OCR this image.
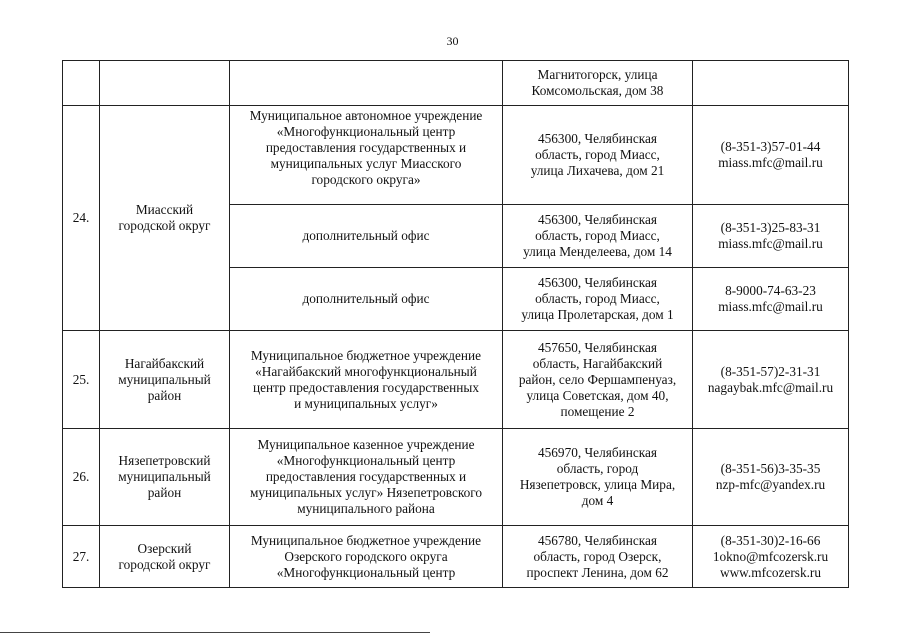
30

			Магнитогорск, улица
Комсомольская, дом 38	

24.	Миасский
городской округ	Муниципальное автономное учреждение
«Многофункциональный центр
предоставления государственных и
муниципальных услуг Миасского
городского округа»	456300, Челябинская
область, город Миасс,
улица Лихачева, дом 21	(8-351-3)57-01-44
miass.mfc@mail.ru

		дополнительный офис	456300, Челябинская
область, город Миасс,
улица Менделеева, дом 14	(8-351-3)25-83-31
miass.mfc@mail.ru

		дополнительный офис	456300, Челябинская
область, город Миасс,
улица Пролетарская, дом 1	8-9000-74-63-23
miass.mfc@mail.ru

25.	Нагайбакский
муниципальный
район	Муниципальное бюджетное учреждение
«Нагайбакский многофункциональный
центр предоставления государственных
и муниципальных услуг»	457650, Челябинская
область, Нагайбакский
район, село Фершампенуаз,
улица Советская, дом 40,
помещение 2	(8-351-57)2-31-31
nagaybak.mfc@mail.ru

26.	Нязепетровский
муниципальный
район	Муниципальное казенное учреждение
«Многофункциональный центр
предоставления государственных и
муниципальных услуг» Нязепетровского
муниципального района	456970, Челябинская
область, город
Нязепетровск, улица Мира,
дом 4	(8-351-56)3-35-35
nzp-mfc@yandex.ru

27.	Озерский
городской округ	Муниципальное бюджетное учреждение
Озерского городского округа
«Многофункциональный центр	456780, Челябинская
область, город Озерск,
проспект Ленина, дом 62	(8-351-30)2-16-66
1okno@mfcozersk.ru
www.mfcozersk.ru
